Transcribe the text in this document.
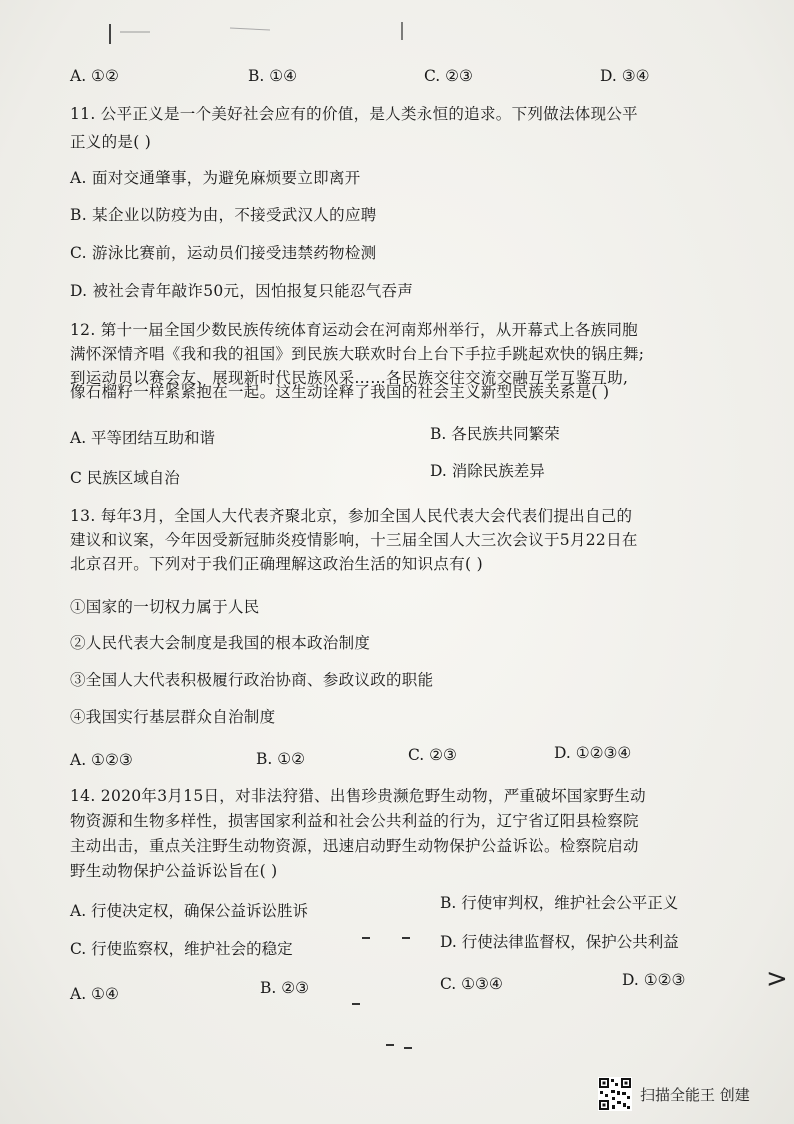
A. ①②	B. ①④	C. ②③	D. ③④
11. 公平正义是一个美好社会应有的价值，是人类永恒的追求。下列做法体现公平
正义的是( )
A. 面对交通肇事，为避免麻烦要立即离开
B. 某企业以防疫为由，不接受武汉人的应聘
C. 游泳比赛前，运动员们接受违禁药物检测
D. 被社会青年敲诈50元，因怕报复只能忍气吞声
12. 第十一届全国少数民族传统体育运动会在河南郑州举行，从开幕式上各族同胞
满怀深情齐唱《我和我的祖国》到民族大联欢时台上台下手拉手跳起欢快的锅庄舞;
到运动员以赛会友、展现新时代民族风采……各民族交往交流交融互学互鉴互助,
像石榴籽一样紧紧抱在一起。这生动诠释了我国的社会主义新型民族关系是( )
A. 平等团结互助和谐	B. 各民族共同繁荣
C 民族区域自治	D. 消除民族差异
13. 每年3月，全国人大代表齐聚北京，参加全国人民代表大会代表们提出自己的
建议和议案，今年因受新冠肺炎疫情影响，十三届全国人大三次会议于5月22日在
北京召开。下列对于我们正确理解这政治生活的知识点有( )
①国家的一切权力属于人民
②人民代表大会制度是我国的根本政治制度
③全国人大代表积极履行政治协商、参政议政的职能
④我国实行基层群众自治制度
A. ①②③	B. ①②	C. ②③	D. ①②③④
14. 2020年3月15日，对非法狩猎、出售珍贵濒危野生动物，严重破坏国家野生动
物资源和生物多样性，损害国家利益和社会公共利益的行为，辽宁省辽阳县检察院
主动出击，重点关注野生动物资源，迅速启动野生动物保护公益诉讼。检察院启动
野生动物保护公益诉讼旨在( )
A. 行使决定权，确保公益诉讼胜诉	B. 行使审判权，维护社会公平正义
C. 行使监察权，维护社会的稳定	D. 行使法律监督权，保护公共利益
A. ①④	B. ②③	C. ①③④	D. ①②③	>
扫描全能王 创建
